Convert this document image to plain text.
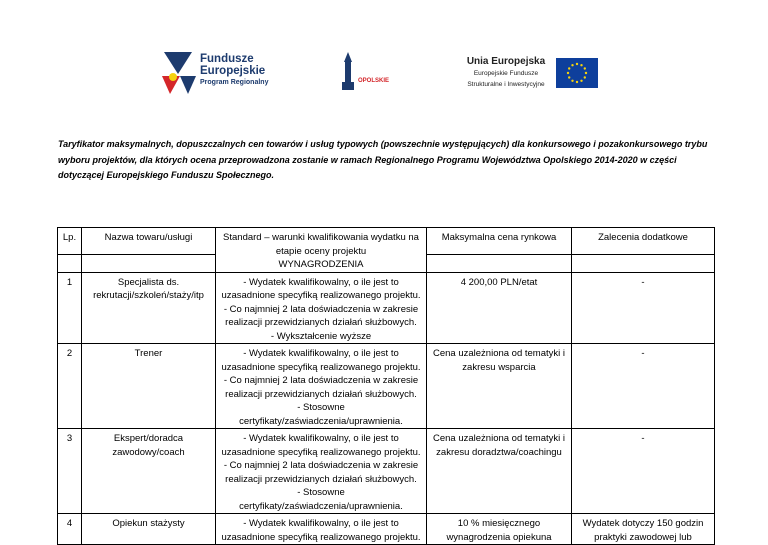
Fundusze
Europejskie
Program Regionalny	OPOLSKIE
Unia Europejska
Europejskie Fundusze
Strukturalne i Inwestycyjne
Taryfikator maksymalnych, dopuszczalnych cen towarów i usług typowych (powszechnie występujących) dla konkursowego i pozakonkursowego trybu wyboru projektów, dla których ocena przeprowadzona zostanie w ramach Regionalnego Programu Województwa Opolskiego 2014-2020 w części dotyczącej Europejskiego Funduszu Społecznego.
Lp.	Nazwa towaru/usługi	Standard – warunki kwalifikowania wydatku na etapie oceny projektu
WYNAGRODZENIA	Maksymalna cena rynkowa	Zalecenia dodatkowe

1	Specjalista ds. rekrutacji/szkoleń/staży/itp	- Wydatek kwalifikowalny, o ile jest to uzasadnione specyfiką realizowanego projektu.
- Co najmniej 2 lata doświadczenia w zakresie realizacji przewidzianych działań służbowych.
- Wykształcenie wyższe	4 200,00 PLN/etat	-
2	Trener	- Wydatek kwalifikowalny, o ile jest to uzasadnione specyfiką realizowanego projektu.
- Co najmniej 2 lata doświadczenia w zakresie realizacji przewidzianych działań służbowych.
- Stosowne certyfikaty/zaświadczenia/uprawnienia.	Cena uzależniona od tematyki i zakresu wsparcia	-
3	Ekspert/doradca zawodowy/coach	- Wydatek kwalifikowalny, o ile jest to uzasadnione specyfiką realizowanego projektu.
- Co najmniej 2 lata doświadczenia w zakresie realizacji przewidzianych działań służbowych.
- Stosowne certyfikaty/zaświadczenia/uprawnienia.	Cena uzależniona od tematyki i zakresu doradztwa/coachingu	-
4	Opiekun stażysty	- Wydatek kwalifikowalny, o ile jest to uzasadnione specyfiką realizowanego projektu.	10 % miesięcznego wynagrodzenia opiekuna	Wydatek dotyczy 150 godzin praktyki zawodowej lub
